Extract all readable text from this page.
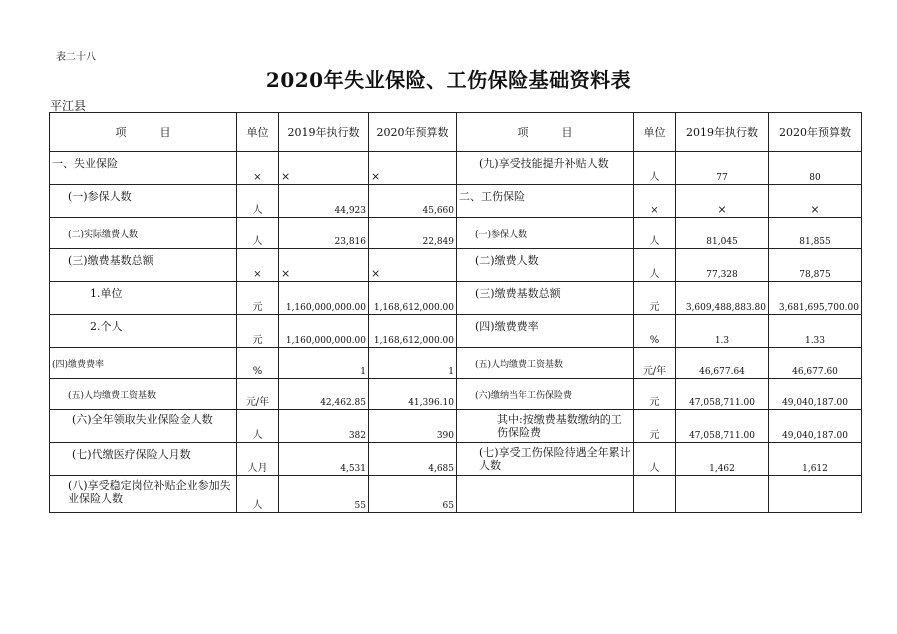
表二十八
2020年失业保险、工伤保险基础资料表
平江县
项　　　目	单位	2019年执行数	2020年预算数	项　　　目	单位	2019年执行数	2020年预算数
一、失业保险	×	×	×	(九)享受技能提升补贴人数	人	77	80
(一)参保人数	人	44,923	45,660	二、工伤保险	×	×	×
(二)实际缴费人数	人	23,816	22,849	(一)参保人数	人	81,045	81,855
(三)缴费基数总额	×	×	×	(二)缴费人数	人	77,328	78,875
1.单位	元	1,160,000,000.00	1,168,612,000.00	(三)缴费基数总额	元	3,609,488,883.80	3,681,695,700.00
2.个人	元	1,160,000,000.00	1,168,612,000.00	(四)缴费费率	%	1.3	1.33
(四)缴费费率	%	1	1	(五)人均缴费工资基数	元/年	46,677.64	46,677.60
(五)人均缴费工资基数	元/年	42,462.85	41,396.10	(六)缴纳当年工伤保险费	元	47,058,711.00	49,040,187.00
(六)全年领取失业保险金人数	人	382	390	其中:按缴费基数缴纳的工伤保险费	元	47,058,711.00	49,040,187.00
(七)代缴医疗保险人月数	人月	4,531	4,685	(七)享受工伤保险待遇全年累计人数	人	1,462	1,612
(八)享受稳定岗位补贴企业参加失业保险人数	人	55	65				
